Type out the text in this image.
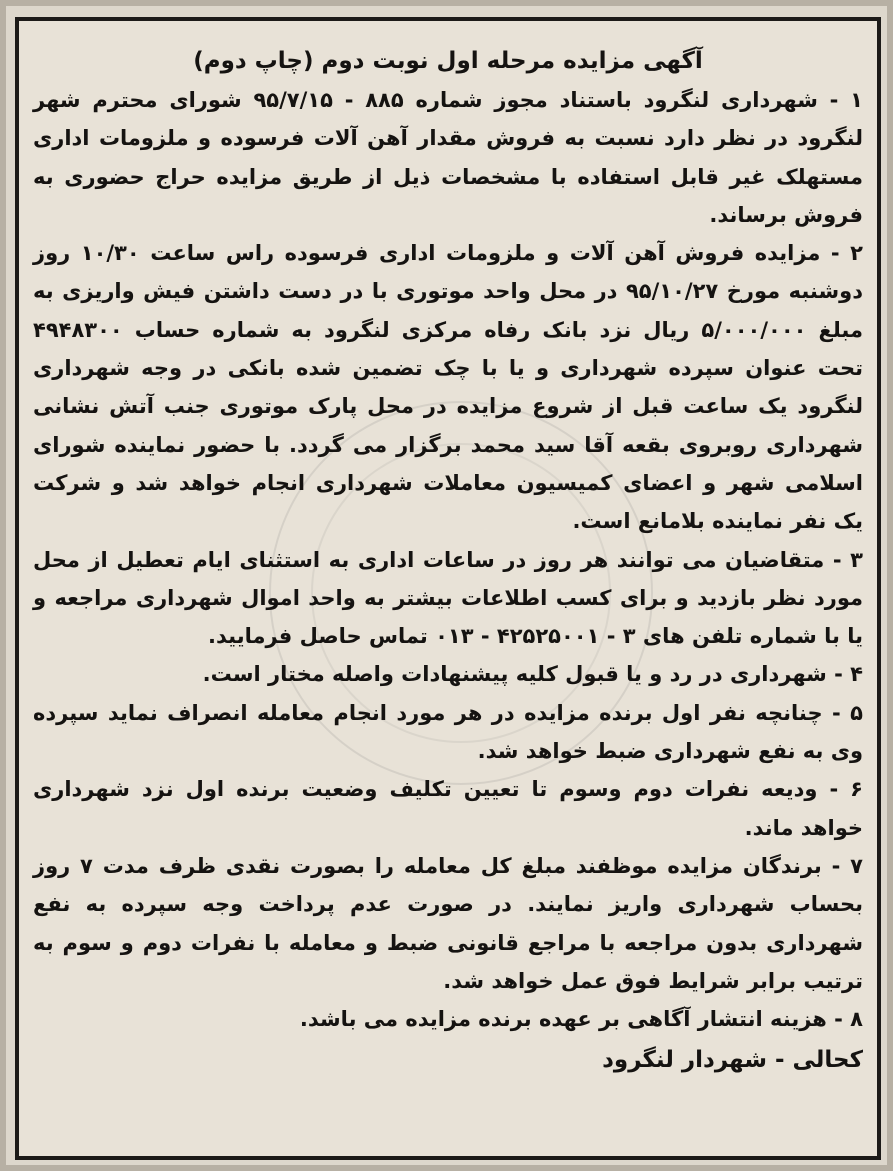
آگهی مزایده مرحله اول نوبت دوم (چاپ دوم)
۱ - شهرداری لنگرود باستناد مجوز شماره ۸۸۵ - ۹۵/۷/۱۵ شورای محترم شهر لنگرود در نظر دارد نسبت به فروش مقدار آهن آلات فرسوده و ملزومات اداری مستهلک غیر قابل استفاده با مشخصات ذیل از طریق مزایده حراج حضوری به فروش برساند.
۲ - مزایده فروش آهن آلات و ملزومات اداری فرسوده راس ساعت ۱۰/۳۰ روز دوشنبه مورخ ۹۵/۱۰/۲۷ در محل واحد موتوری با در دست داشتن فیش واریزی به مبلغ ۵/۰۰۰/۰۰۰ ریال نزد بانک رفاه مرکزی لنگرود به شماره حساب ۴۹۴۸۳۰۰ تحت عنوان سپرده شهرداری و یا با چک تضمین شده بانکی در وجه شهرداری لنگرود یک ساعت قبل از شروع مزایده در محل پارک موتوری جنب آتش نشانی شهرداری روبروی بقعه آقا سید محمد برگزار می گردد. با حضور نماینده شورای اسلامی شهر و اعضای کمیسیون معاملات شهرداری انجام خواهد شد و شرکت یک نفر نماینده بلامانع است.
۳ - متقاضیان می توانند هر روز در ساعات اداری به استثنای ایام تعطیل از محل مورد نظر بازدید و برای کسب اطلاعات بیشتر به واحد اموال شهرداری مراجعه و یا با شماره تلفن های ۳ - ۴۲۵۲۵۰۰۱ - ۰۱۳ تماس حاصل فرمایید.
۴ - شهرداری در رد و یا قبول کلیه پیشنهادات واصله مختار است.
۵ - چنانچه نفر اول برنده مزایده در هر مورد انجام معامله انصراف نماید سپرده وی به نفع شهرداری ضبط خواهد شد.
۶ - ودیعه نفرات دوم وسوم تا تعیین تکلیف وضعیت برنده اول نزد شهرداری خواهد ماند.
۷ - برندگان مزایده موظفند مبلغ کل معامله را بصورت نقدی ظرف مدت ۷ روز بحساب شهرداری واریز نمایند. در صورت عدم پرداخت وجه سپرده به نفع شهرداری بدون مراجعه با مراجع قانونی ضبط و معامله با نفرات دوم و سوم به ترتیب برابر شرایط فوق عمل خواهد شد.
۸ - هزینه انتشار آگاهی بر عهده برنده مزایده می باشد.
کحالی - شهردار لنگرود
